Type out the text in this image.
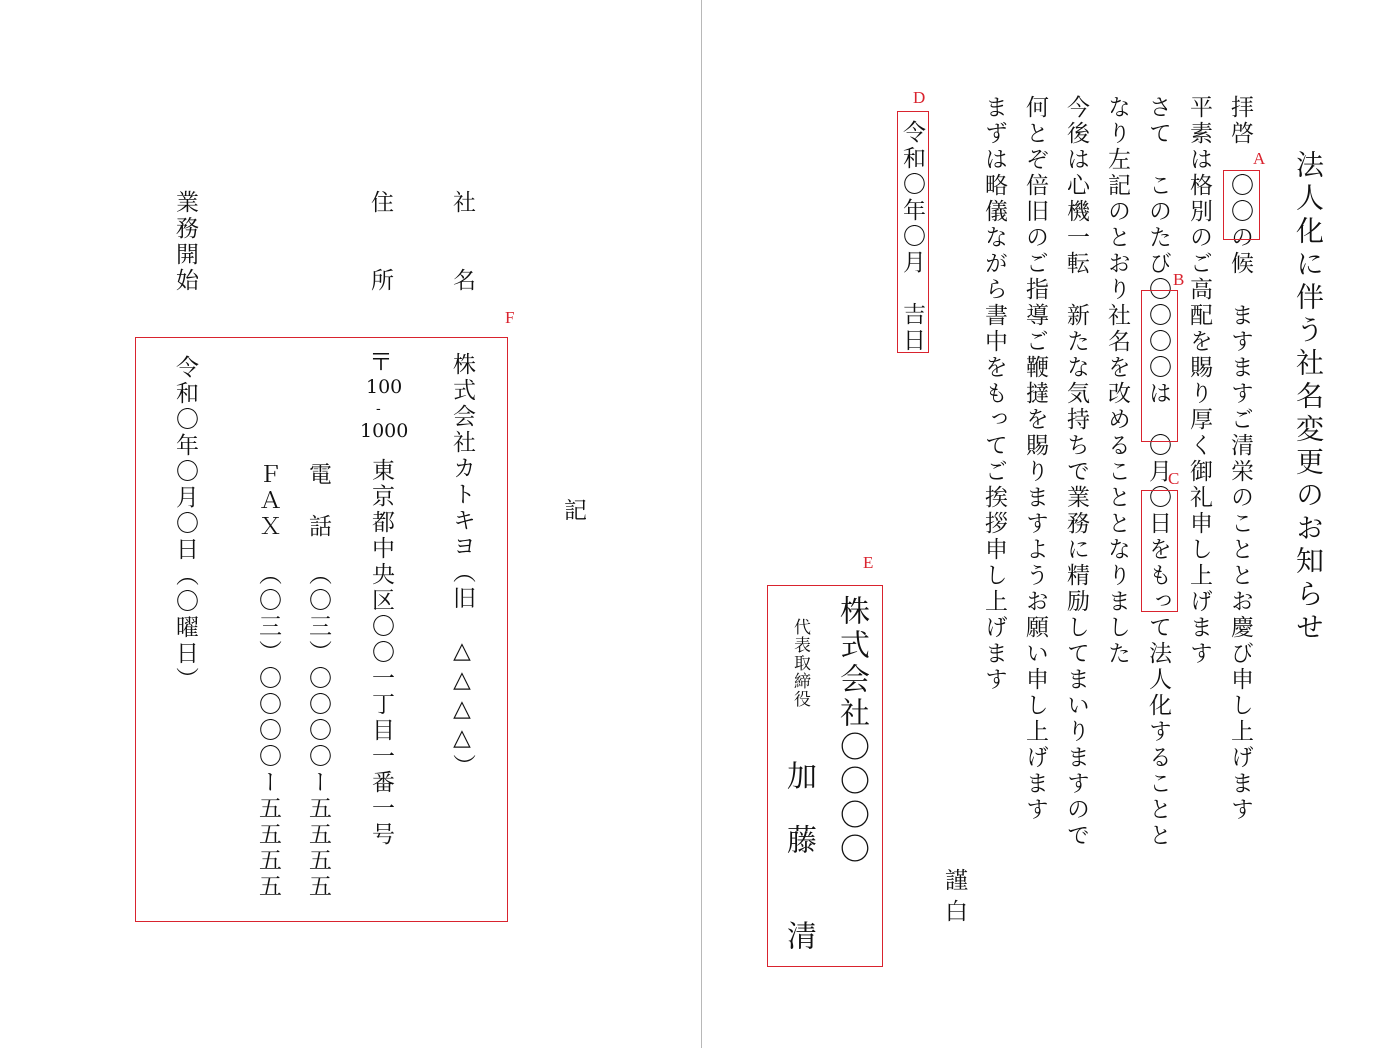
法人化に伴う社名変更のお知らせ
拝啓　〇〇の候　ますますご清栄のこととお慶び申し上げます
平素は格別のご高配を賜り厚く御礼申し上げます
さて　このたび〇〇〇〇は　〇月〇日をもって法人化することと
なり左記のとおり社名を改めることとなりました
今後は心機一転　新たな気持ちで業務に精励してまいりますので
何とぞ倍旧のご指導ご鞭撻を賜りますようお願い申し上げます
まずは略儀ながら書中をもってご挨拶申し上げます
謹白
令和〇年〇月　吉日
株式会社〇〇〇〇
代表取締役
加　藤　　清
A
B
C
D
E
記
社　　名
株式会社カトキヨ（旧　△△△△）
住　　所
〒
100
-
1000
東京都中央区〇〇一丁目一番一号
電　話
（〇三）〇〇〇〇ー五五五五
ＦＡＸ
（〇三）〇〇〇〇ー五五五五
業務開始
令和〇年〇月〇日（〇曜日）
F
